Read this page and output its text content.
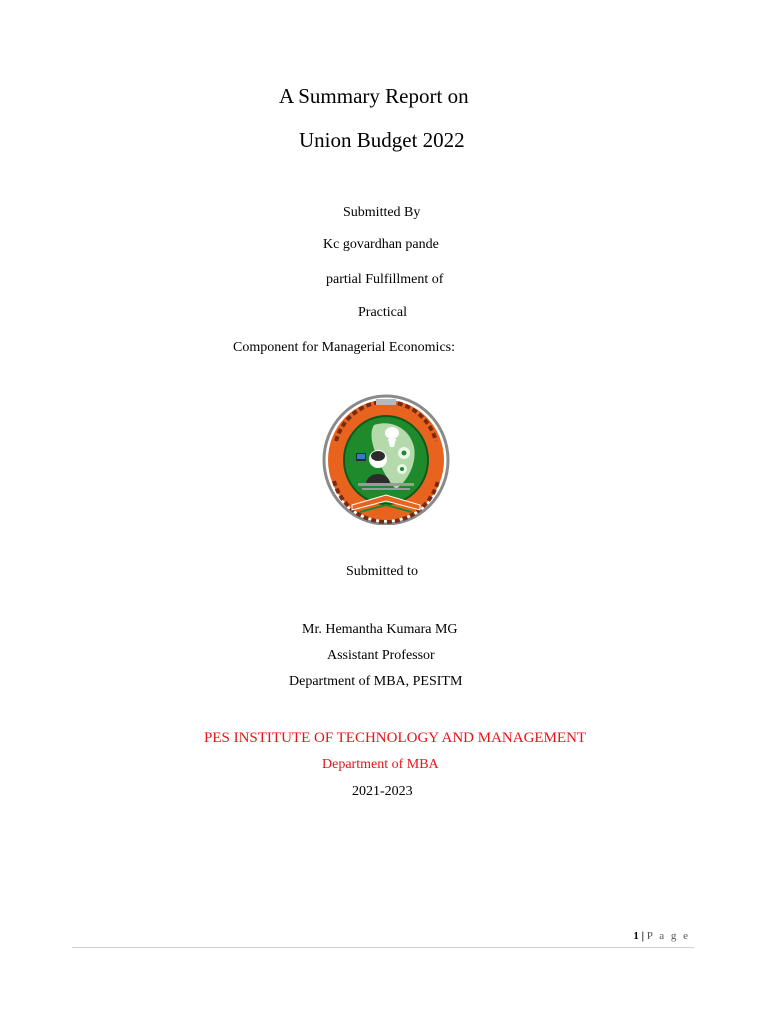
A Summary Report on
Union Budget 2022
Submitted By
Kc govardhan pande
partial Fulfillment of
Practical
Component for Managerial Economics:
Submitted to
Mr. Hemantha Kumara MG
Assistant Professor
Department of MBA, PESITM
PES INSTITUTE OF TECHNOLOGY AND MANAGEMENT
Department of MBA
2021-2023
1 | P a g e
